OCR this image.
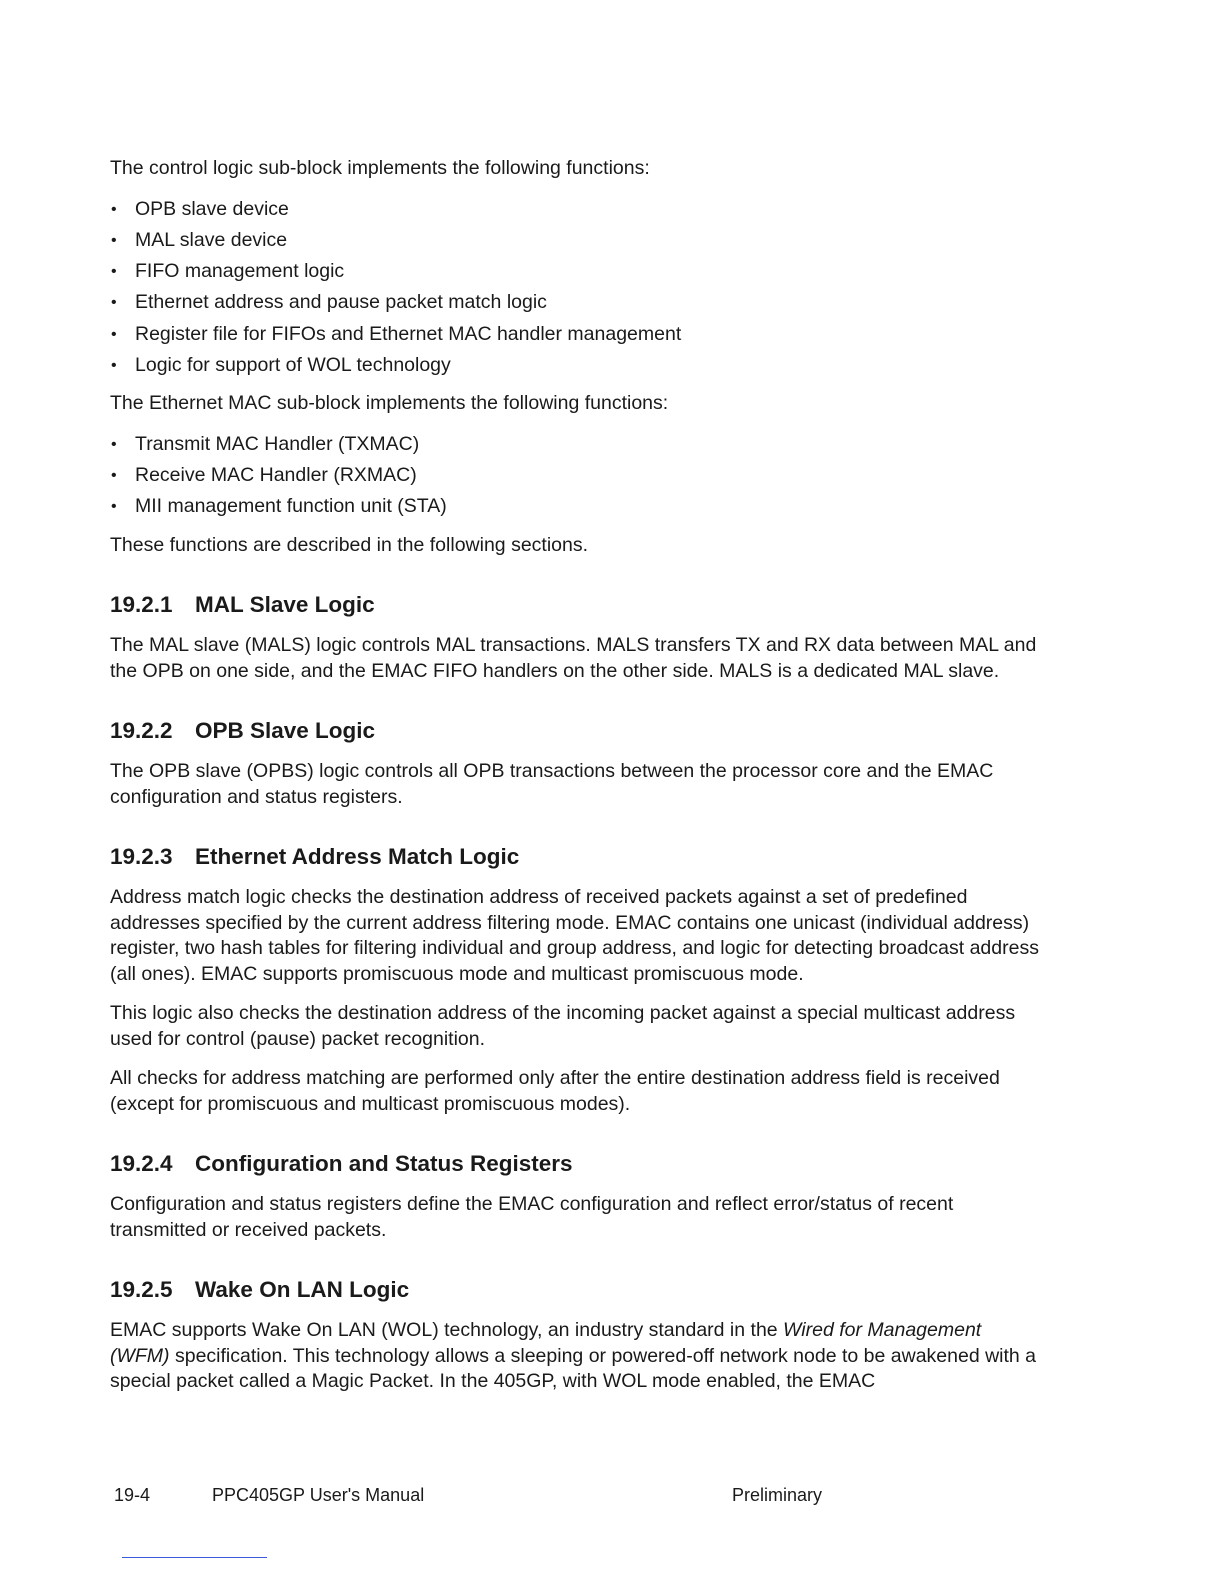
The control logic sub-block implements the following functions:

• OPB slave device
• MAL slave device
• FIFO management logic
• Ethernet address and pause packet match logic
• Register file for FIFOs and Ethernet MAC handler management
• Logic for support of WOL technology

The Ethernet MAC sub-block implements the following functions:

• Transmit MAC Handler (TXMAC)
• Receive MAC Handler (RXMAC)
• MII management function unit (STA)

These functions are described in the following sections.

19.2.1 MAL Slave Logic

The MAL slave (MALS) logic controls MAL transactions. MALS transfers TX and RX data between MAL and the OPB on one side, and the EMAC FIFO handlers on the other side. MALS is a dedicated MAL slave.

19.2.2 OPB Slave Logic

The OPB slave (OPBS) logic controls all OPB transactions between the processor core and the EMAC configuration and status registers.

19.2.3 Ethernet Address Match Logic

Address match logic checks the destination address of received packets against a set of predefined addresses specified by the current address filtering mode. EMAC contains one unicast (individual address) register, two hash tables for filtering individual and group address, and logic for detecting broadcast address (all ones). EMAC supports promiscuous mode and multicast promiscuous mode.

This logic also checks the destination address of the incoming packet against a special multicast address used for control (pause) packet recognition.

All checks for address matching are performed only after the entire destination address field is received (except for promiscuous and multicast promiscuous modes).

19.2.4 Configuration and Status Registers

Configuration and status registers define the EMAC configuration and reflect error/status of recent transmitted or received packets.

19.2.5 Wake On LAN Logic

EMAC supports Wake On LAN (WOL) technology, an industry standard in the Wired for Management (WFM) specification. This technology allows a sleeping or powered-off network node to be awakened with a special packet called a Magic Packet. In the 405GP, with WOL mode enabled, the EMAC

19-4	PPC405GP User's Manual	Preliminary
